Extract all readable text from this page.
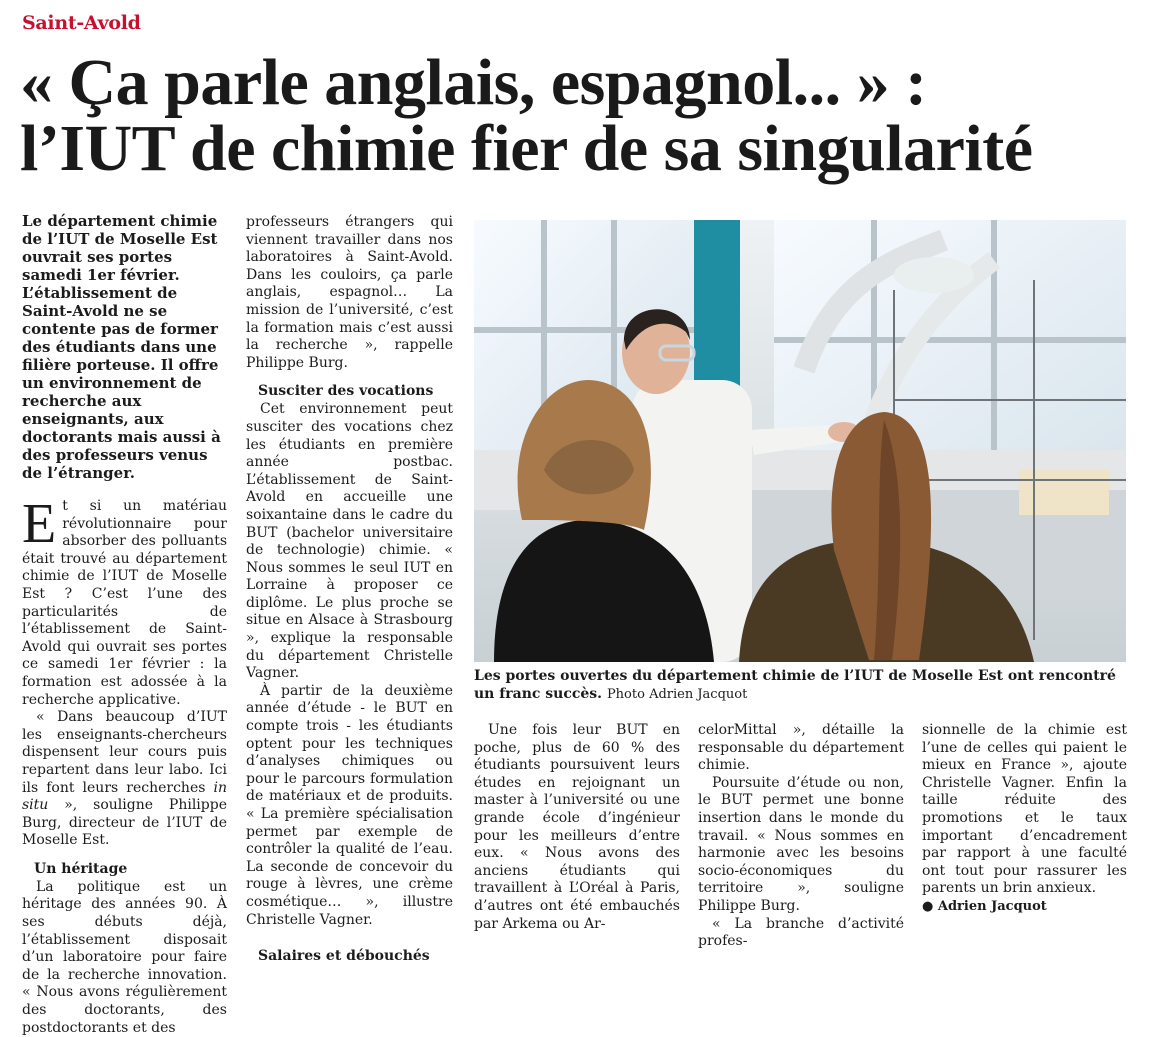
Saint-Avold
« Ça parle anglais, espagnol... » :
l’IUT de chimie fier de sa singularité

Le département chimie de l’IUT de Moselle Est ouvrait ses portes samedi 1er février. L’établissement de Saint-Avold ne se contente pas de former des étudiants dans une filière porteuse. Il offre un environnement de recherche aux enseignants, aux doctorants mais aussi à des professeurs venus de l’étranger.

Et si un matériau révolutionnaire pour absorber des polluants était trouvé au département chimie de l’IUT de Moselle Est ? C’est l’une des particularités de l’établissement de Saint-Avold qui ouvrait ses portes ce samedi 1er février : la formation est adossée à la recherche applicative.

« Dans beaucoup d’IUT les enseignants-chercheurs dispensent leur cours puis repartent dans leur labo. Ici ils font leurs recherches in situ », souligne Philippe Burg, directeur de l’IUT de Moselle Est.

Un héritage

La politique est un héritage des années 90. À ses débuts déjà, l’établissement disposait d’un laboratoire pour faire de la recherche innovation. « Nous avons régulièrement des doctorants, des postdoctorants et des

professeurs étrangers qui viennent travailler dans nos laboratoires à Saint-Avold. Dans les couloirs, ça parle anglais, espagnol… La mission de l’université, c’est la formation mais c’est aussi la recherche », rappelle Philippe Burg.

Susciter des vocations

Cet environnement peut susciter des vocations chez les étudiants en première année postbac. L’établissement de Saint-Avold en accueille une soixantaine dans le cadre du BUT (bachelor universitaire de technologie) chimie. « Nous sommes le seul IUT en Lorraine à proposer ce diplôme. Le plus proche se situe en Alsace à Strasbourg », explique la responsable du département Christelle Vagner.

À partir de la deuxième année d’étude - le BUT en compte trois - les étudiants optent pour les techniques d’analyses chimiques ou pour le parcours formulation de matériaux et de produits. « La première spécialisation permet par exemple de contrôler la qualité de l’eau. La seconde de concevoir du rouge à lèvres, une crème cosmétique… », illustre Christelle Vagner.

Salaires et débouchés
Les portes ouvertes du département chimie de l’IUT de Moselle Est ont rencontré un franc succès. Photo Adrien Jacquot

Une fois leur BUT en poche, plus de 60 % des étudiants poursuivent leurs études en rejoignant un master à l’université ou une grande école d’ingénieur pour les meilleurs d’entre eux. « Nous avons des anciens étudiants qui travaillent à L’Oréal à Paris, d’autres ont été embauchés par Arkema ou Ar-

celorMittal », détaille la responsable du département chimie.

Poursuite d’étude ou non, le BUT permet une bonne insertion dans le monde du travail. « Nous sommes en harmonie avec les besoins socio-économiques du territoire », souligne Philippe Burg.

« La branche d’activité profes-

sionnelle de la chimie est l’une de celles qui paient le mieux en France », ajoute Christelle Vagner. Enfin la taille réduite des promotions et le taux important d’encadrement par rapport à une faculté ont tout pour rassurer les parents un brin anxieux.

● Adrien Jacquot
